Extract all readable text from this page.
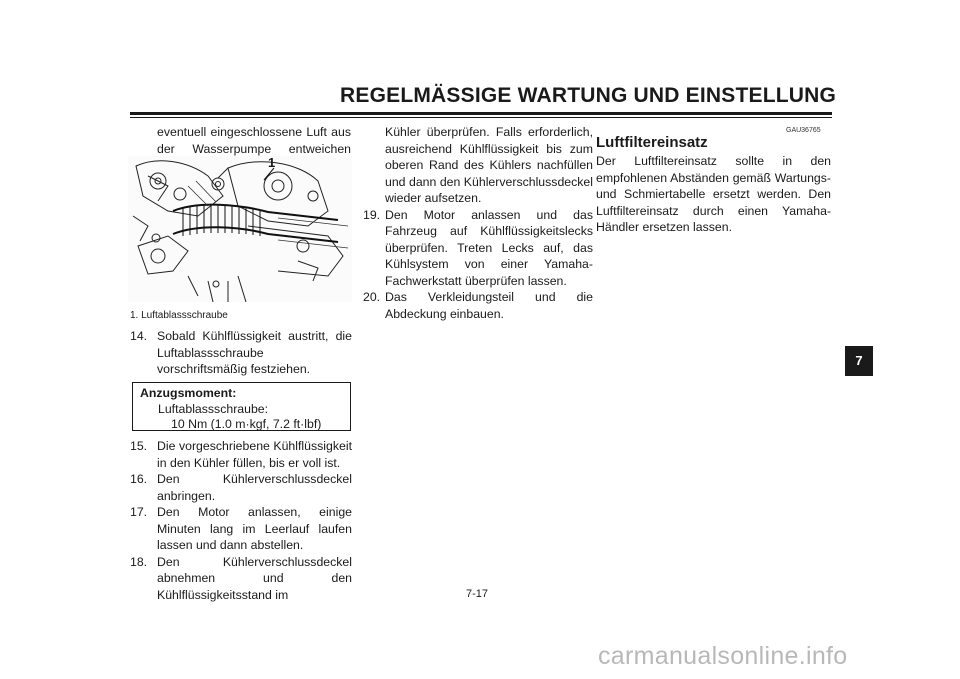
REGELMÄSSIGE WARTUNG UND EINSTELLUNG
7
eventuell eingeschlossene Luft aus der Wasserpumpe entweichen
1
1. Luftablassschraube
14. Sobald Kühlflüssigkeit austritt, die Luftablassschraube vorschriftsmäßig festziehen.
Anzugsmoment:
Luftablassschraube:
10 Nm (1.0 m·kgf, 7.2 ft·lbf)
15. Die vorgeschriebene Kühlflüssigkeit in den Kühler füllen, bis er voll ist.
16. Den Kühlerverschlussdeckel anbringen.
17. Den Motor anlassen, einige Minuten lang im Leerlauf laufen lassen und dann abstellen.
18. Den Kühlerverschlussdeckel abnehmen und den Kühlflüssigkeitsstand im
Kühler überprüfen. Falls erforderlich, ausreichend Kühlflüssigkeit bis zum oberen Rand des Kühlers nachfüllen und dann den Kühlerverschlussdeckel wieder aufsetzen.
19. Den Motor anlassen und das Fahrzeug auf Kühlflüssigkeitslecks überprüfen. Treten Lecks auf, das Kühlsystem von einer Yamaha-Fachwerkstatt überprüfen lassen.
20. Das Verkleidungsteil und die Abdeckung einbauen.
GAU36765
Luftfiltereinsatz
Der Luftfiltereinsatz sollte in den empfohlenen Abständen gemäß Wartungs- und Schmiertabelle ersetzt werden. Den Luftfiltereinsatz durch einen Yamaha-Händler ersetzen lassen.
7-17
carmanualsonline.info
